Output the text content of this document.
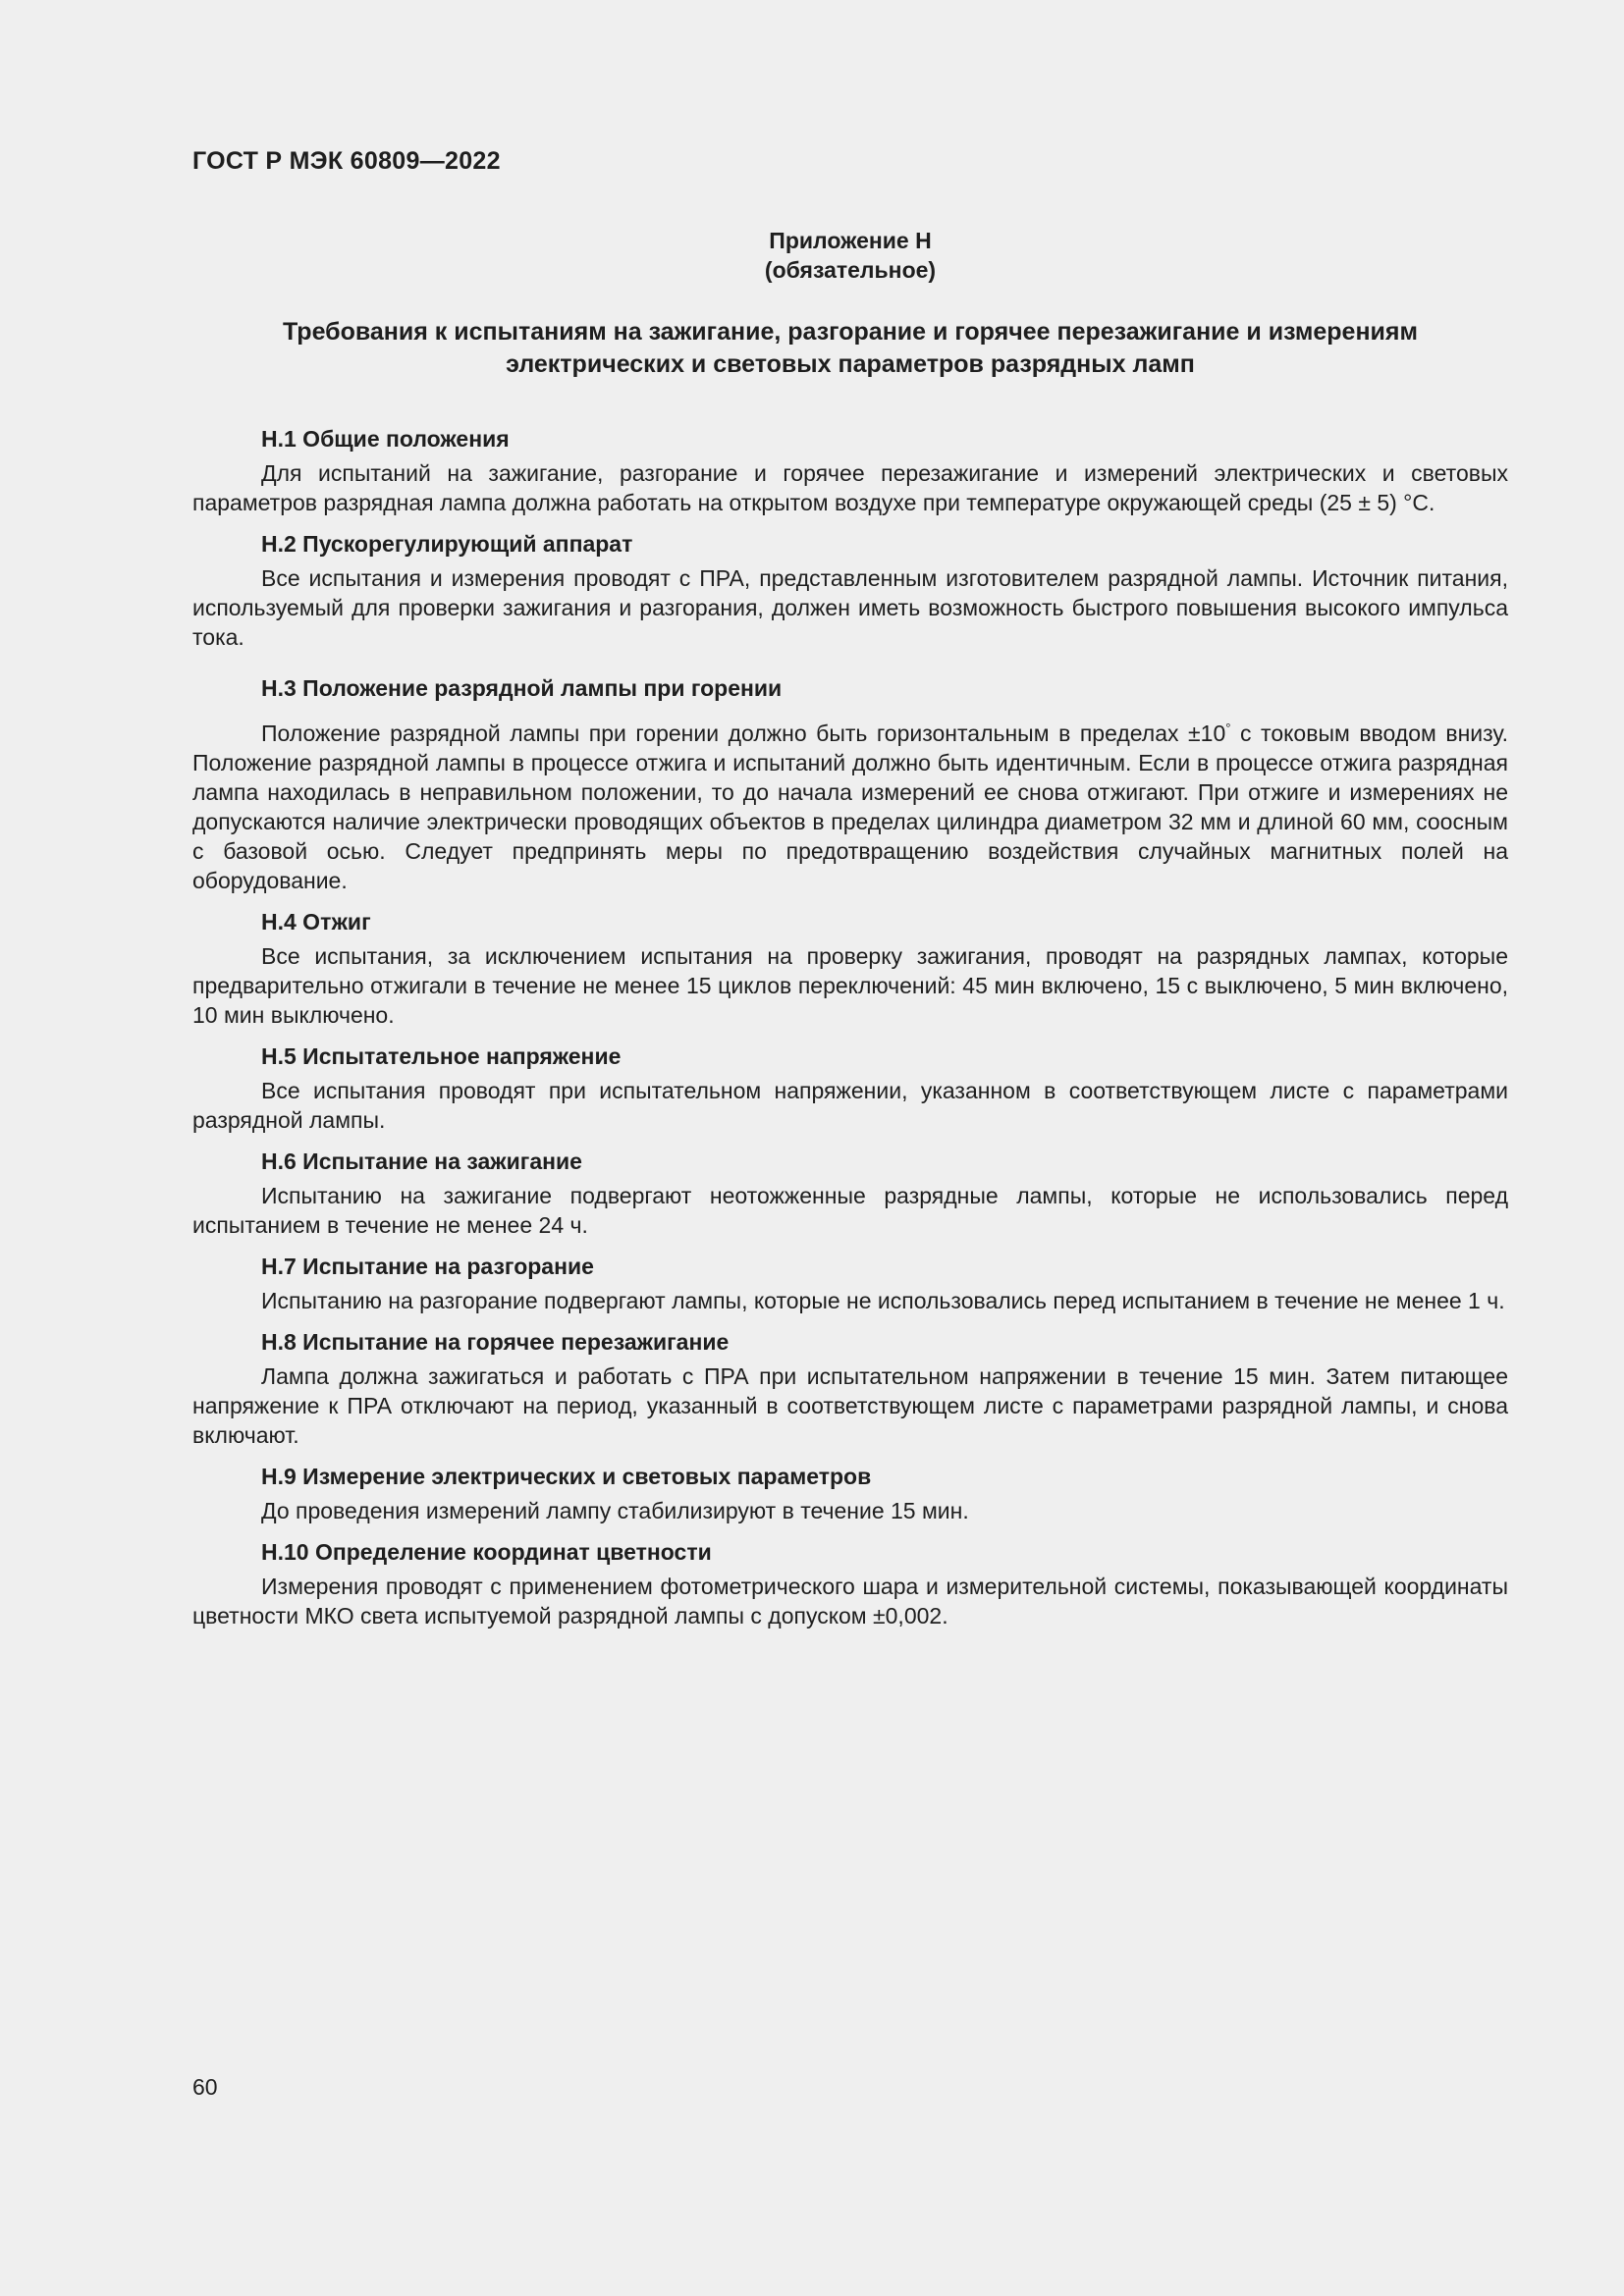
ГОСТ Р МЭК 60809—2022
Приложение H
(обязательное)
Требования к испытаниям на зажигание, разгорание и горячее перезажигание и измерениям
электрических и световых параметров разрядных ламп
H.1 Общие положения

Для испытаний на зажигание, разгорание и горячее перезажигание и измерений электрических и световых параметров разрядная лампа должна работать на открытом воздухе при температуре окружающей среды (25 ± 5) °С.

H.2 Пускорегулирующий аппарат

Все испытания и измерения проводят с ПРА, представленным изготовителем разрядной лампы. Источник питания, используемый для проверки зажигания и разгорания, должен иметь возможность быстрого повышения высокого импульса тока.

H.3 Положение разрядной лампы при горении

Положение разрядной лампы при горении должно быть горизонтальным в пределах ±10° с токовым вводом внизу. Положение разрядной лампы в процессе отжига и испытаний должно быть идентичным. Если в процессе отжига разрядная лампа находилась в неправильном положении, то до начала измерений ее снова отжигают. При отжиге и измерениях не допускаются наличие электрически проводящих объектов в пределах цилиндра диаметром 32 мм и длиной 60 мм, соосным с базовой осью. Следует предпринять меры по предотвращению воздействия случайных магнитных полей на оборудование.

H.4 Отжиг

Все испытания, за исключением испытания на проверку зажигания, проводят на разрядных лампах, которые предварительно отжигали в течение не менее 15 циклов переключений: 45 мин включено, 15 с выключено, 5 мин включено, 10 мин выключено.

H.5 Испытательное напряжение

Все испытания проводят при испытательном напряжении, указанном в соответствующем листе с параметрами разрядной лампы.

H.6 Испытание на зажигание

Испытанию на зажигание подвергают неотожженные разрядные лампы, которые не использовались перед испытанием в течение не менее 24 ч.

H.7 Испытание на разгорание

Испытанию на разгорание подвергают лампы, которые не использовались перед испытанием в течение не менее 1 ч.

H.8 Испытание на горячее перезажигание

Лампа должна зажигаться и работать с ПРА при испытательном напряжении в течение 15 мин. Затем питающее напряжение к ПРА отключают на период, указанный в соответствующем листе с параметрами разрядной лампы, и снова включают.

H.9 Измерение электрических и световых параметров

До проведения измерений лампу стабилизируют в течение 15 мин.

H.10 Определение координат цветности

Измерения проводят с применением фотометрического шара и измерительной системы, показывающей координаты цветности МКО света испытуемой разрядной лампы с допуском ±0,002.

60
